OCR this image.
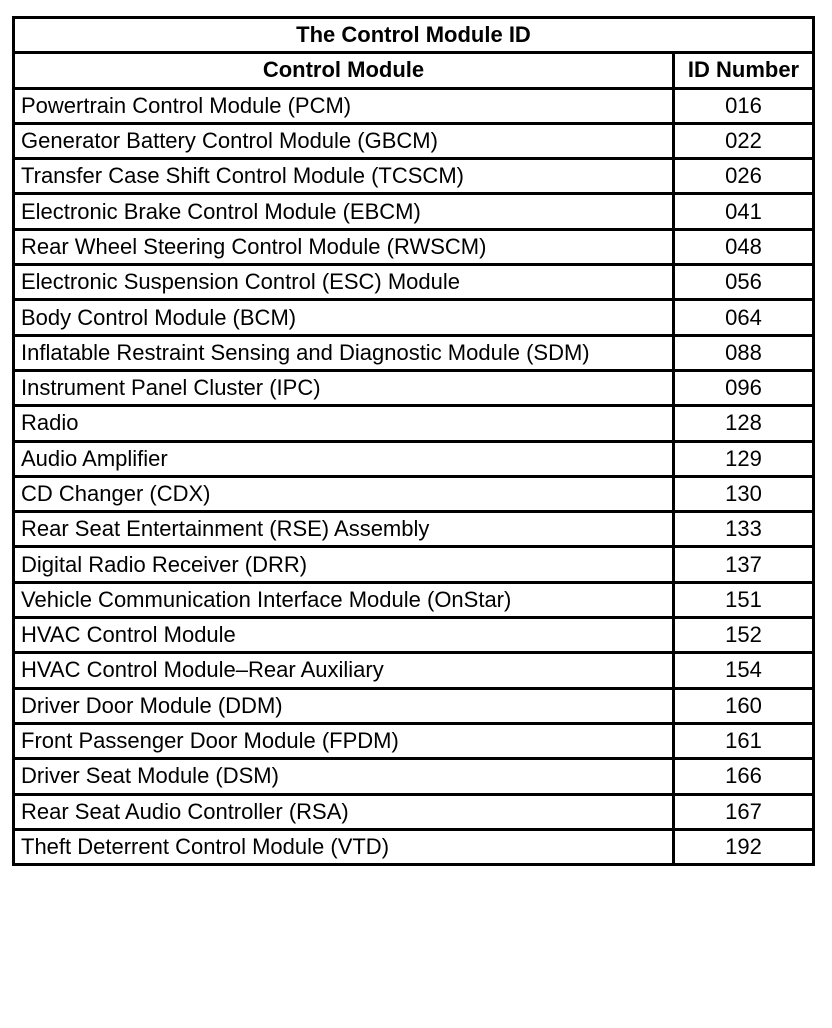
The Control Module ID	
Control Module	ID Number
Powertrain Control Module (PCM)	016
Generator Battery Control Module (GBCM)	022
Transfer Case Shift Control Module (TCSCM)	026
Electronic Brake Control Module (EBCM)	041
Rear Wheel Steering Control Module (RWSCM)	048
Electronic Suspension Control (ESC) Module	056
Body Control Module (BCM)	064
Inflatable Restraint Sensing and Diagnostic Module (SDM)	088
Instrument Panel Cluster (IPC)	096
Radio	128
Audio Amplifier	129
CD Changer (CDX)	130
Rear Seat Entertainment (RSE) Assembly	133
Digital Radio Receiver (DRR)	137
Vehicle Communication Interface Module (OnStar)	151
HVAC Control Module	152
HVAC Control Module–Rear Auxiliary	154
Driver Door Module (DDM)	160
Front Passenger Door Module (FPDM)	161
Driver Seat Module (DSM)	166
Rear Seat Audio Controller (RSA)	167
Theft Deterrent Control Module (VTD)	192
